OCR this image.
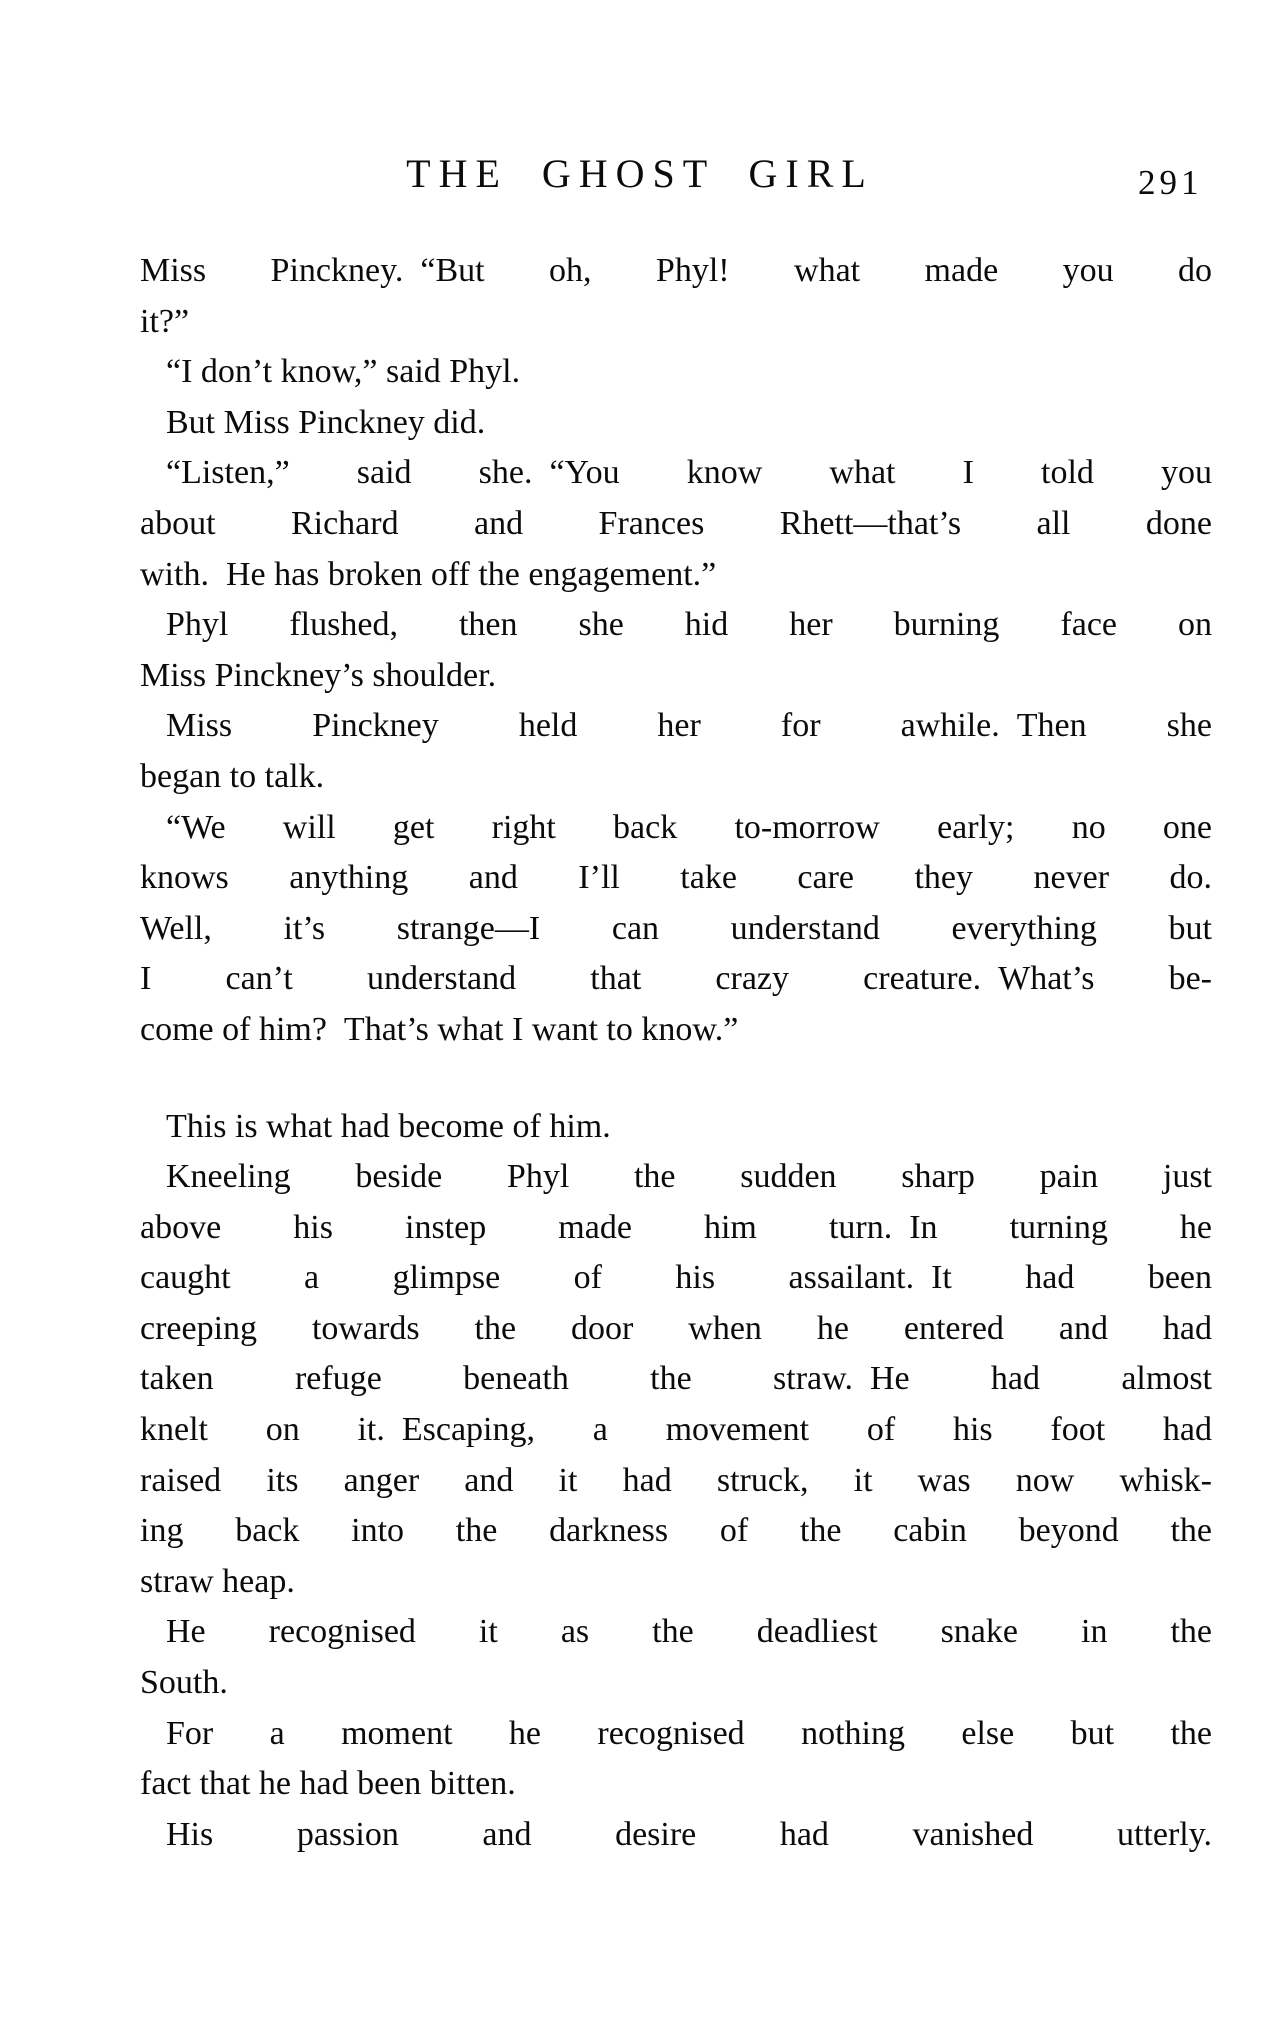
THE GHOST GIRL	291
Miss Pinckney. “But oh, Phyl! what made you do
it?”
“I don’t know,” said Phyl.
But Miss Pinckney did.
“Listen,” said she. “You know what I told you
about Richard and Frances Rhett—that’s all done
with. He has broken off the engagement.”
Phyl flushed, then she hid her burning face on
Miss Pinckney’s shoulder.
Miss Pinckney held her for awhile. Then she
began to talk.
“We will get right back to-morrow early; no one
knows anything and I’ll take care they never do.
Well, it’s strange—I can understand everything but
I can’t understand that crazy creature. What’s be-
come of him? That’s what I want to know.”
This is what had become of him.
Kneeling beside Phyl the sudden sharp pain just
above his instep made him turn. In turning he
caught a glimpse of his assailant. It had been
creeping towards the door when he entered and had
taken refuge beneath the straw. He had almost
knelt on it. Escaping, a movement of his foot had
raised its anger and it had struck, it was now whisk-
ing back into the darkness of the cabin beyond the
straw heap.
He recognised it as the deadliest snake in the
South.
For a moment he recognised nothing else but the
fact that he had been bitten.
His passion and desire had vanished utterly.
